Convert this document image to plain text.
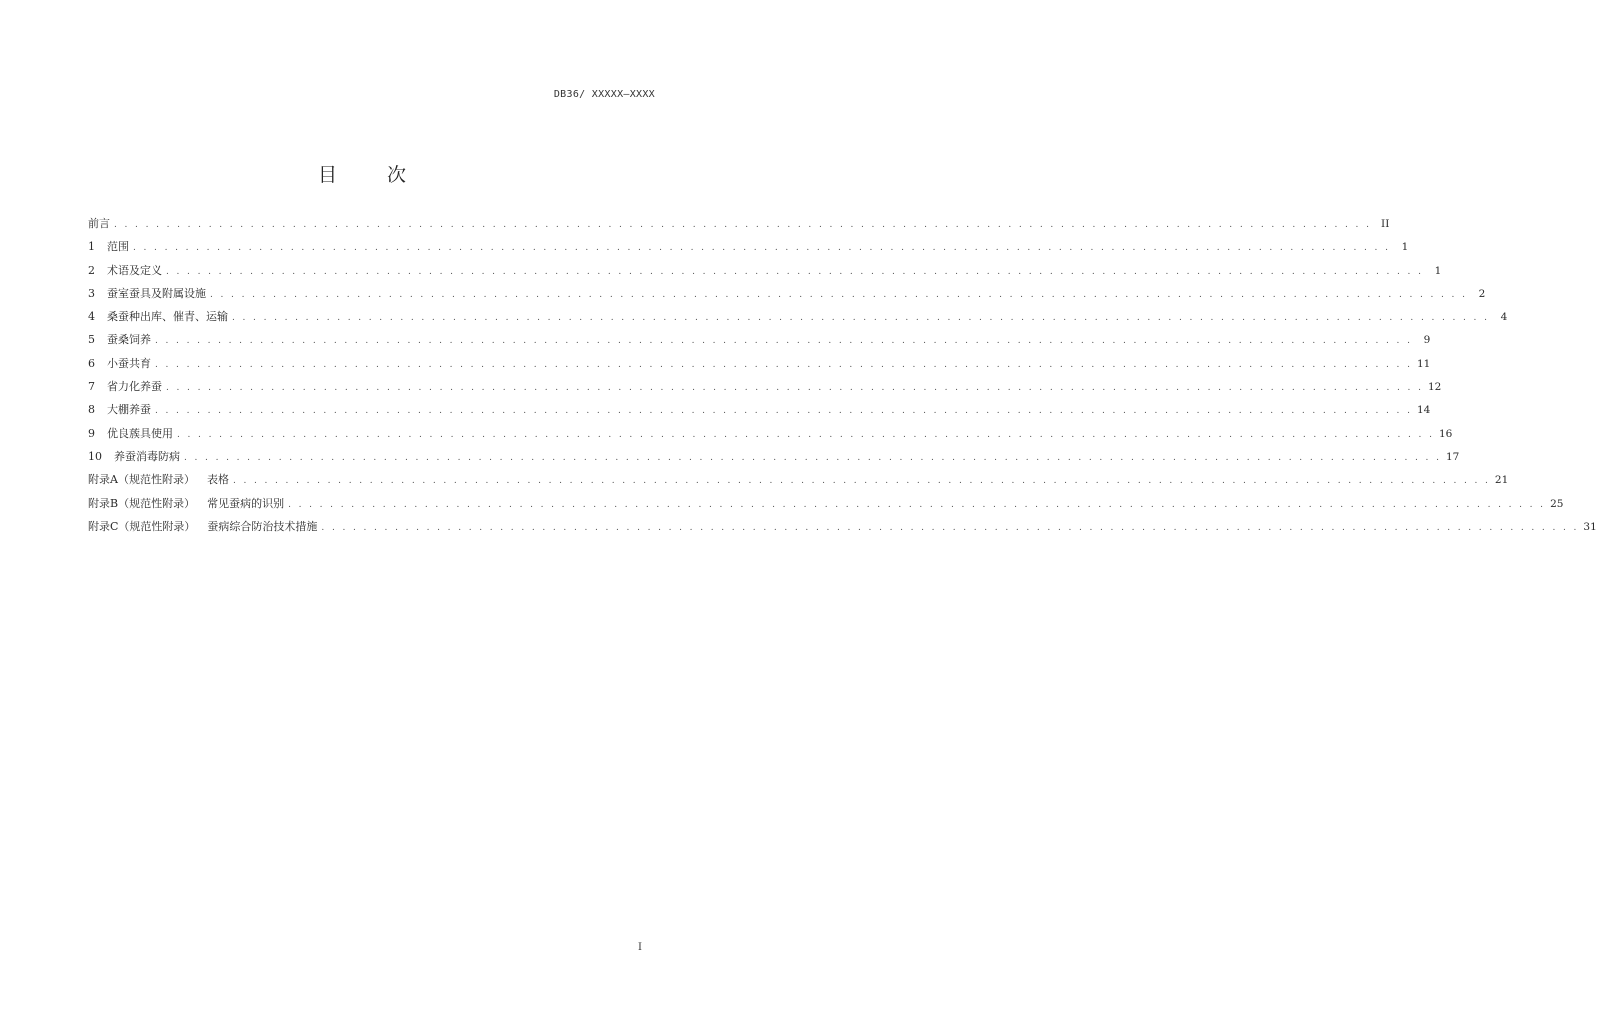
DB36/ XXXXX—XXXX
目 次
前言 . . . . . . . . . . . . . . . . . . . . . . . . . . . . . . . . . . . . . . . . . . . . . . . . . . . . . . . . . . . . . . . . . . . . . . . . . . . . . . . . . . . . . . . . . . . . . . . . . . . . . . . . . . . . . . . . . . . . . . . . II
1 范围 . . . . . . . . . . . . . . . . . . . . . . . . . . . . . . . . . . . . . . . . . . . . . . . . . . . . . . . . . . . . . . . . . . . . . . . . . . . . . . . . . . . . . . . . . . . . . . . . . . . . . . . . . . . . . . . . . . . . . . . .	1
2 术语及定义 . . . . . . . . . . . . . . . . . . . . . . . . . . . . . . . . . . . . . . . . . . . . . . . . . . . . . . . . . . . . . . . . . . . . . . . . . . . . . . . . . . . . . . . . . . . . . . . . . . . . . . . . . . . . . . . . . . . . . . . .	1
3 蚕室蚕具及附属设施 . . . . . . . . . . . . . . . . . . . . . . . . . . . . . . . . . . . . . . . . . . . . . . . . . . . . . . . . . . . . . . . . . . . . . . . . . . . . . . . . . . . . . . . . . . . . . . . . . . . . . . . . . . . . . . . . . . . . . . . .	2
4 桑蚕种出库、催青、运输 . . . . . . . . . . . . . . . . . . . . . . . . . . . . . . . . . . . . . . . . . . . . . . . . . . . . . . . . . . . . . . . . . . . . . . . . . . . . . . . . . . . . . . . . . . . . . . . . . . . . . . . . . . . . . . . . . . . . . . . .	4
5 蚕桑饲养 . . . . . . . . . . . . . . . . . . . . . . . . . . . . . . . . . . . . . . . . . . . . . . . . . . . . . . . . . . . . . . . . . . . . . . . . . . . . . . . . . . . . . . . . . . . . . . . . . . . . . . . . . . . . . . . . . . . . . . . .	9
6 小蚕共育 . . . . . . . . . . . . . . . . . . . . . . . . . . . . . . . . . . . . . . . . . . . . . . . . . . . . . . . . . . . . . . . . . . . . . . . . . . . . . . . . . . . . . . . . . . . . . . . . . . . . . . . . . . . . . . . . . . . . . . . . 11
7 省力化养蚕 . . . . . . . . . . . . . . . . . . . . . . . . . . . . . . . . . . . . . . . . . . . . . . . . . . . . . . . . . . . . . . . . . . . . . . . . . . . . . . . . . . . . . . . . . . . . . . . . . . . . . . . . . . . . . . . . . . . . . . . . 12
8 大棚养蚕 . . . . . . . . . . . . . . . . . . . . . . . . . . . . . . . . . . . . . . . . . . . . . . . . . . . . . . . . . . . . . . . . . . . . . . . . . . . . . . . . . . . . . . . . . . . . . . . . . . . . . . . . . . . . . . . . . . . . . . . . 14
9 优良蔟具使用 . . . . . . . . . . . . . . . . . . . . . . . . . . . . . . . . . . . . . . . . . . . . . . . . . . . . . . . . . . . . . . . . . . . . . . . . . . . . . . . . . . . . . . . . . . . . . . . . . . . . . . . . . . . . . . . . . . . . . . . . 16
10 养蚕消毒防病 . . . . . . . . . . . . . . . . . . . . . . . . . . . . . . . . . . . . . . . . . . . . . . . . . . . . . . . . . . . . . . . . . . . . . . . . . . . . . . . . . . . . . . . . . . . . . . . . . . . . . . . . . . . . . . . . . . . . . . . . 17
附录A（规范性附录） 表格 . . . . . . . . . . . . . . . . . . . . . . . . . . . . . . . . . . . . . . . . . . . . . . . . . . . . . . . . . . . . . . . . . . . . . . . . . . . . . . . . . . . . . . . . . . . . . . . . . . . . . . . . . . . . . . . . . . . . . . . . 21
附录B（规范性附录） 常见蚕病的识别 . . . . . . . . . . . . . . . . . . . . . . . . . . . . . . . . . . . . . . . . . . . . . . . . . . . . . . . . . . . . . . . . . . . . . . . . . . . . . . . . . . . . . . . . . . . . . . . . . . . . . . . . . . . . . . . . . . . . . . . . 25
附录C（规范性附录） 蚕病综合防治技术措施 . . . . . . . . . . . . . . . . . . . . . . . . . . . . . . . . . . . . . . . . . . . . . . . . . . . . . . . . . . . . . . . . . . . . . . . . . . . . . . . . . . . . . . . . . . . . . . . . . . . . . . . . . . . . . . . . . . . . . . . . 31
I
